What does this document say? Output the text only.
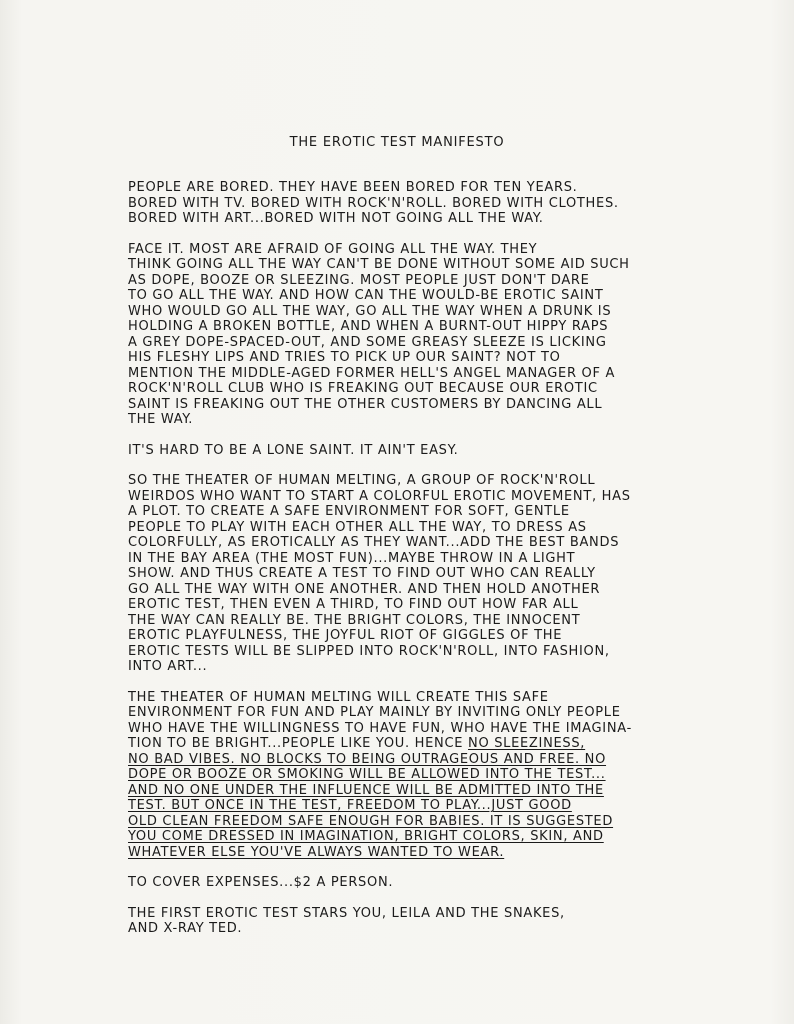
THE EROTIC TEST MANIFESTO

PEOPLE ARE BORED. THEY HAVE BEEN BORED FOR TEN YEARS.
BORED WITH TV. BORED WITH ROCK'N'ROLL. BORED WITH CLOTHES.
BORED WITH ART...BORED WITH NOT GOING ALL THE WAY.

FACE IT. MOST ARE AFRAID OF GOING ALL THE WAY. THEY
THINK GOING ALL THE WAY CAN'T BE DONE WITHOUT SOME AID SUCH
AS DOPE, BOOZE OR SLEEZING. MOST PEOPLE JUST DON'T DARE
TO GO ALL THE WAY. AND HOW CAN THE WOULD-BE EROTIC SAINT
WHO WOULD GO ALL THE WAY, GO ALL THE WAY WHEN A DRUNK IS
HOLDING A BROKEN BOTTLE, AND WHEN A BURNT-OUT HIPPY RAPS
A GREY DOPE-SPACED-OUT, AND SOME GREASY SLEEZE IS LICKING
HIS FLESHY LIPS AND TRIES TO PICK UP OUR SAINT? NOT TO
MENTION THE MIDDLE-AGED FORMER HELL'S ANGEL MANAGER OF A
ROCK'N'ROLL CLUB WHO IS FREAKING OUT BECAUSE OUR EROTIC
SAINT IS FREAKING OUT THE OTHER CUSTOMERS BY DANCING ALL
THE WAY.

IT'S HARD TO BE A LONE SAINT. IT AIN'T EASY.

SO THE THEATER OF HUMAN MELTING, A GROUP OF ROCK'N'ROLL
WEIRDOS WHO WANT TO START A COLORFUL EROTIC MOVEMENT, HAS
A PLOT. TO CREATE A SAFE ENVIRONMENT FOR SOFT, GENTLE
PEOPLE TO PLAY WITH EACH OTHER ALL THE WAY, TO DRESS AS
COLORFULLY, AS EROTICALLY AS THEY WANT...ADD THE BEST BANDS
IN THE BAY AREA (THE MOST FUN)...MAYBE THROW IN A LIGHT
SHOW. AND THUS CREATE A TEST TO FIND OUT WHO CAN REALLY
GO ALL THE WAY WITH ONE ANOTHER. AND THEN HOLD ANOTHER
EROTIC TEST, THEN EVEN A THIRD, TO FIND OUT HOW FAR ALL
THE WAY CAN REALLY BE. THE BRIGHT COLORS, THE INNOCENT
EROTIC PLAYFULNESS, THE JOYFUL RIOT OF GIGGLES OF THE
EROTIC TESTS WILL BE SLIPPED INTO ROCK'N'ROLL, INTO FASHION,
INTO ART...

THE THEATER OF HUMAN MELTING WILL CREATE THIS SAFE
ENVIRONMENT FOR FUN AND PLAY MAINLY BY INVITING ONLY PEOPLE
WHO HAVE THE WILLINGNESS TO HAVE FUN, WHO HAVE THE IMAGINA-
TION TO BE BRIGHT...PEOPLE LIKE YOU. HENCE NO SLEEZINESS,
NO BAD VIBES. NO BLOCKS TO BEING OUTRAGEOUS AND FREE. NO
DOPE OR BOOZE OR SMOKING WILL BE ALLOWED INTO THE TEST...
AND NO ONE UNDER THE INFLUENCE WILL BE ADMITTED INTO THE
TEST. BUT ONCE IN THE TEST, FREEDOM TO PLAY...JUST GOOD
OLD CLEAN FREEDOM SAFE ENOUGH FOR BABIES. IT IS SUGGESTED
YOU COME DRESSED IN IMAGINATION, BRIGHT COLORS, SKIN, AND
WHATEVER ELSE YOU'VE ALWAYS WANTED TO WEAR.

TO COVER EXPENSES...$2 A PERSON.

THE FIRST EROTIC TEST STARS YOU, LEILA AND THE SNAKES,
AND X-RAY TED.
